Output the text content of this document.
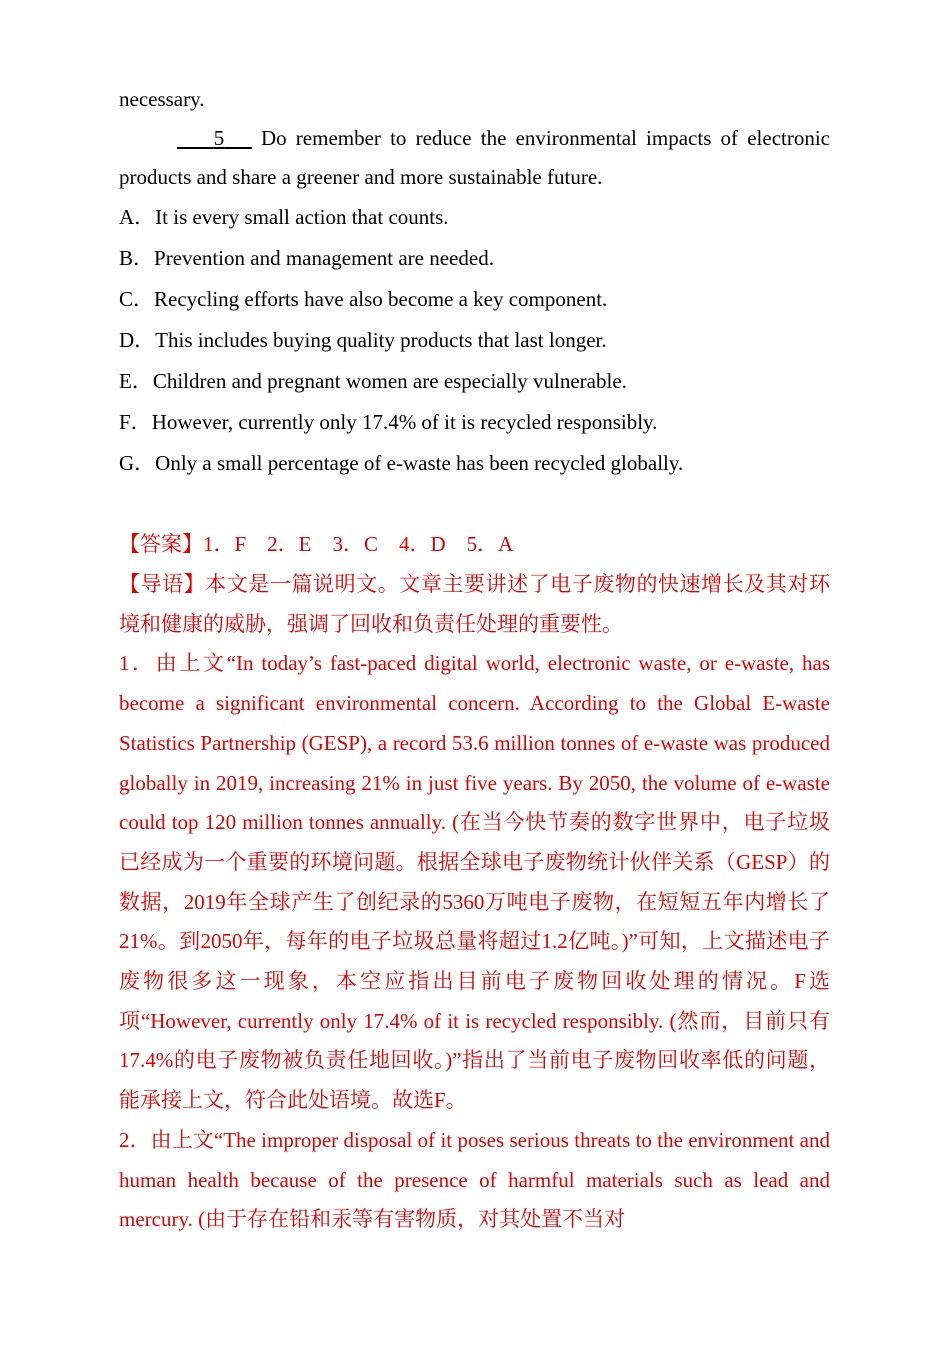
necessary.

5    Do remember to reduce the environmental impacts of electronic products and share a greener and more sustainable future.

A．It is every small action that counts.

B．Prevention and management are needed.

C．Recycling efforts have also become a key component.

D．This includes buying quality products that last longer.

E．Children and pregnant women are especially vulnerable.

F．However, currently only 17.4% of it is recycled responsibly.

G．Only a small percentage of e-waste has been recycled globally.

【答案】1．F　2．E　3．C　4．D　5．A

【导语】本文是一篇说明文。文章主要讲述了电子废物的快速增长及其对环境和健康的威胁，强调了回收和负责任处理的重要性。

1．由上文“In today’s fast-paced digital world, electronic waste, or e-waste, has become a significant environmental concern. According to the Global E-waste Statistics Partnership (GESP), a record 53.6 million tonnes of e-waste was produced globally in 2019, increasing 21% in just five years. By 2050, the volume of e-waste could top 120 million tonnes annually. (在当今快节奏的数字世界中，电子垃圾已经成为一个重要的环境问题。根据全球电子废物统计伙伴关系（GESP）的数据，2019年全球产生了创纪录的5360万吨电子废物，在短短五年内增长了21%。到2050年，每年的电子垃圾总量将超过1.2亿吨。)”可知，上文描述电子废物很多这一现象，本空应指出目前电子废物回收处理的情况。F选项“However, currently only 17.4% of it is recycled responsibly. (然而，目前只有17.4%的电子废物被负责任地回收。)”指出了当前电子废物回收率低的问题，能承接上文，符合此处语境。故选F。

2．由上文“The improper disposal of it poses serious threats to the environment and human health because of the presence of harmful materials such as lead and mercury. (由于存在铅和汞等有害物质，对其处置不当对
